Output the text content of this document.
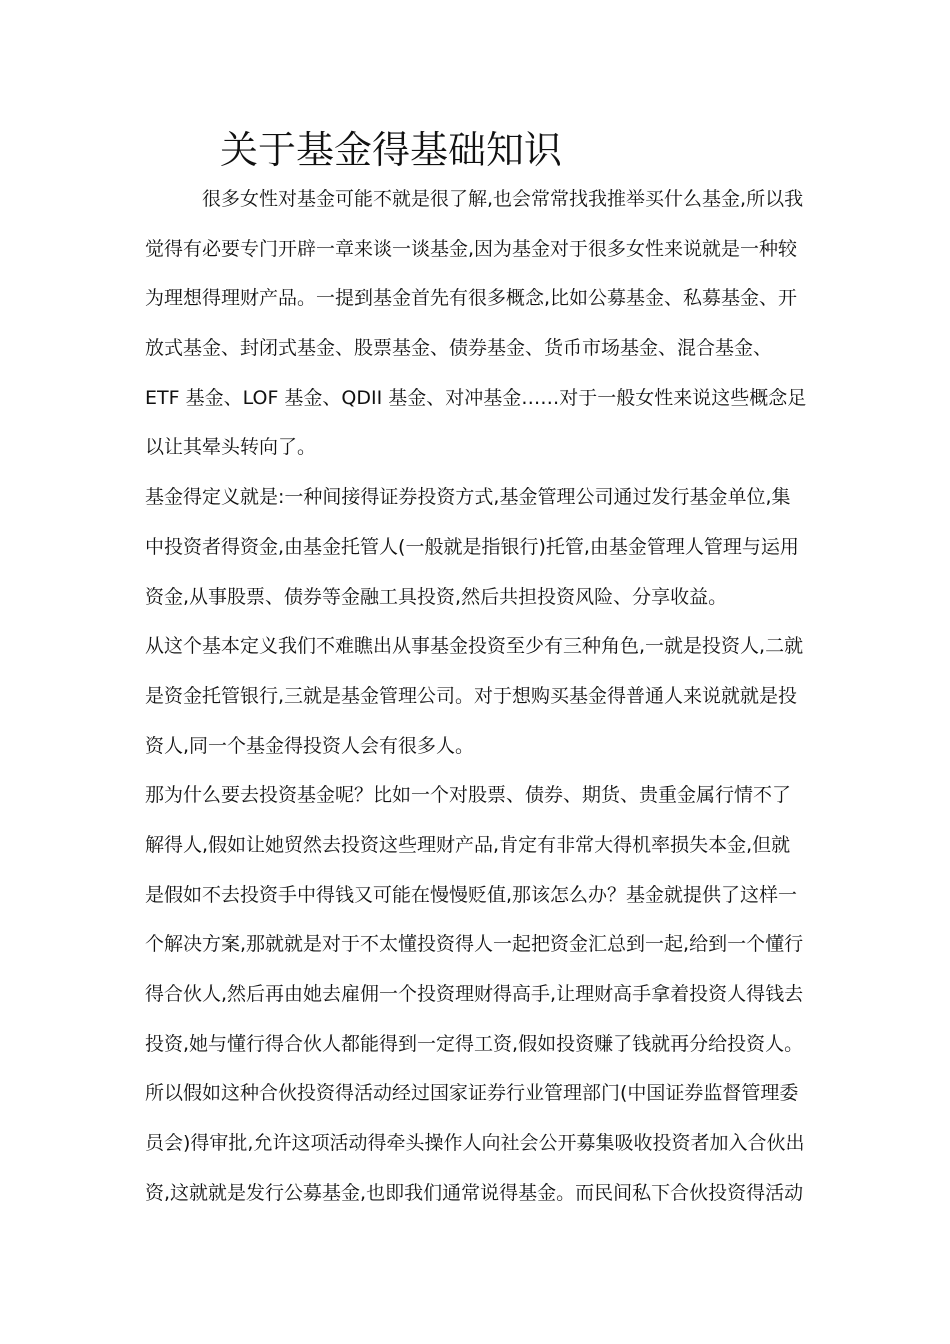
关于基金得基础知识
很多女性对基金可能不就是很了解,也会常常找我推举买什么基金,所以我
觉得有必要专门开辟一章来谈一谈基金,因为基金对于很多女性来说就是一种较
为理想得理财产品。一提到基金首先有很多概念,比如公募基金、私募基金、开
放式基金、封闭式基金、股票基金、债券基金、货币市场基金、混合基金、
ETF 基金、LOF 基金、QDII 基金、对冲基金……对于一般女性来说这些概念足
以让其晕头转向了。
基金得定义就是:一种间接得证券投资方式,基金管理公司通过发行基金单位,集
中投资者得资金,由基金托管人(一般就是指银行)托管,由基金管理人管理与运用
资金,从事股票、债券等金融工具投资,然后共担投资风险、分享收益。
从这个基本定义我们不难瞧出从事基金投资至少有三种角色,一就是投资人,二就
是资金托管银行,三就是基金管理公司。对于想购买基金得普通人来说就就是投
资人,同一个基金得投资人会有很多人。
那为什么要去投资基金呢？比如一个对股票、债券、期货、贵重金属行情不了
解得人,假如让她贸然去投资这些理财产品,肯定有非常大得机率损失本金,但就
是假如不去投资手中得钱又可能在慢慢贬值,那该怎么办？基金就提供了这样一
个解决方案,那就就是对于不太懂投资得人一起把资金汇总到一起,给到一个懂行
得合伙人,然后再由她去雇佣一个投资理财得高手,让理财高手拿着投资人得钱去
投资,她与懂行得合伙人都能得到一定得工资,假如投资赚了钱就再分给投资人。
所以假如这种合伙投资得活动经过国家证券行业管理部门(中国证券监督管理委
员会)得审批,允许这项活动得牵头操作人向社会公开募集吸收投资者加入合伙出
资,这就就是发行公募基金,也即我们通常说得基金。而民间私下合伙投资得活动
